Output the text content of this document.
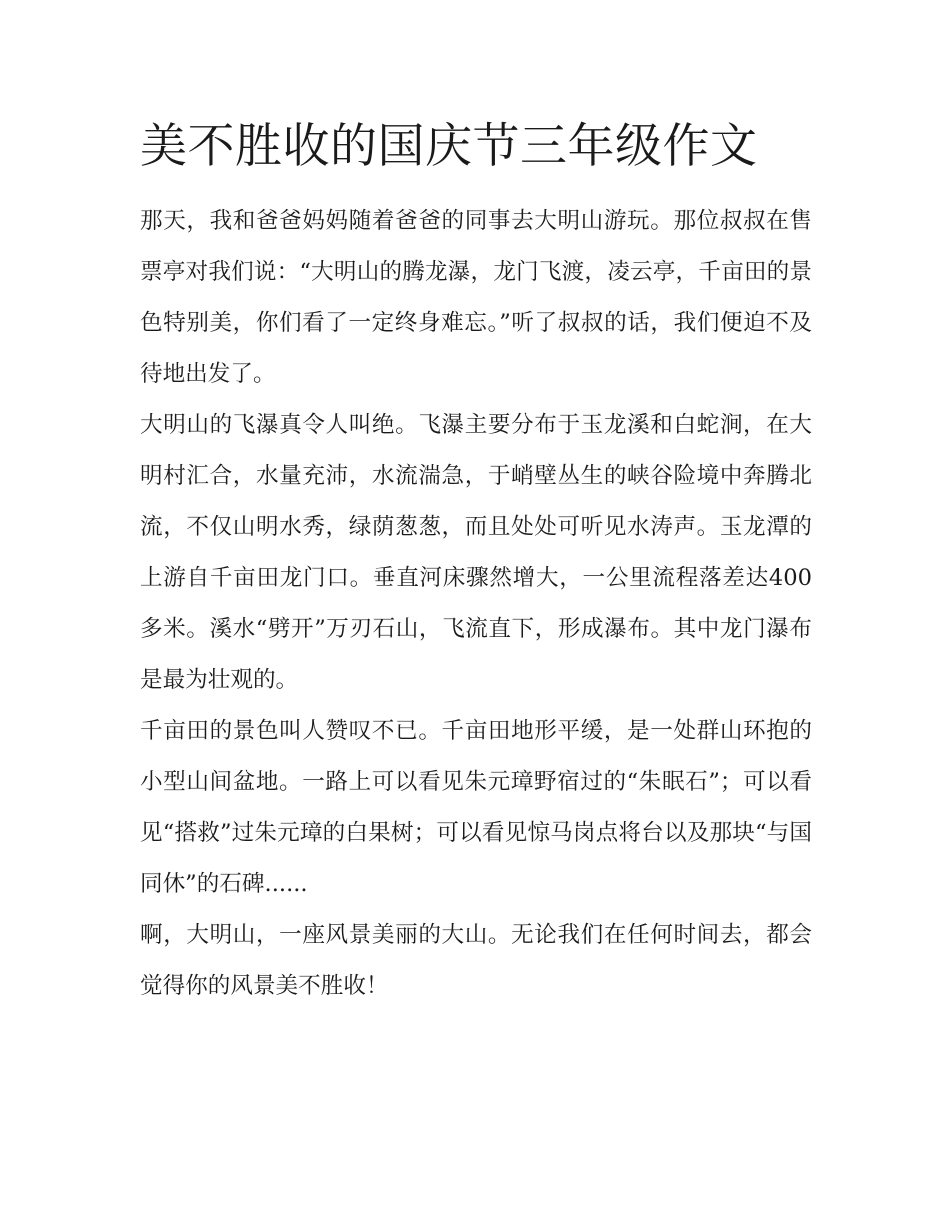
美不胜收的国庆节三年级作文

那天，我和爸爸妈妈随着爸爸的同事去大明山游玩。那位叔叔在售票亭对我们说：“大明山的腾龙瀑，龙门飞渡，凌云亭，千亩田的景色特别美，你们看了一定终身难忘。”听了叔叔的话，我们便迫不及待地出发了。

大明山的飞瀑真令人叫绝。飞瀑主要分布于玉龙溪和白蛇涧，在大明村汇合，水量充沛，水流湍急，于峭壁丛生的峡谷险境中奔腾北流，不仅山明水秀，绿荫葱葱，而且处处可听见水涛声。玉龙潭的上游自千亩田龙门口。垂直河床骤然增大，一公里流程落差达400多米。溪水“劈开”万刃石山，飞流直下，形成瀑布。其中龙门瀑布是最为壮观的。

千亩田的景色叫人赞叹不已。千亩田地形平缓，是一处群山环抱的小型山间盆地。一路上可以看见朱元璋野宿过的“朱眠石”；可以看见“搭救”过朱元璋的白果树；可以看见惊马岗点将台以及那块“与国同休”的石碑......

啊，大明山，一座风景美丽的大山。无论我们在任何时间去，都会觉得你的风景美不胜收！
